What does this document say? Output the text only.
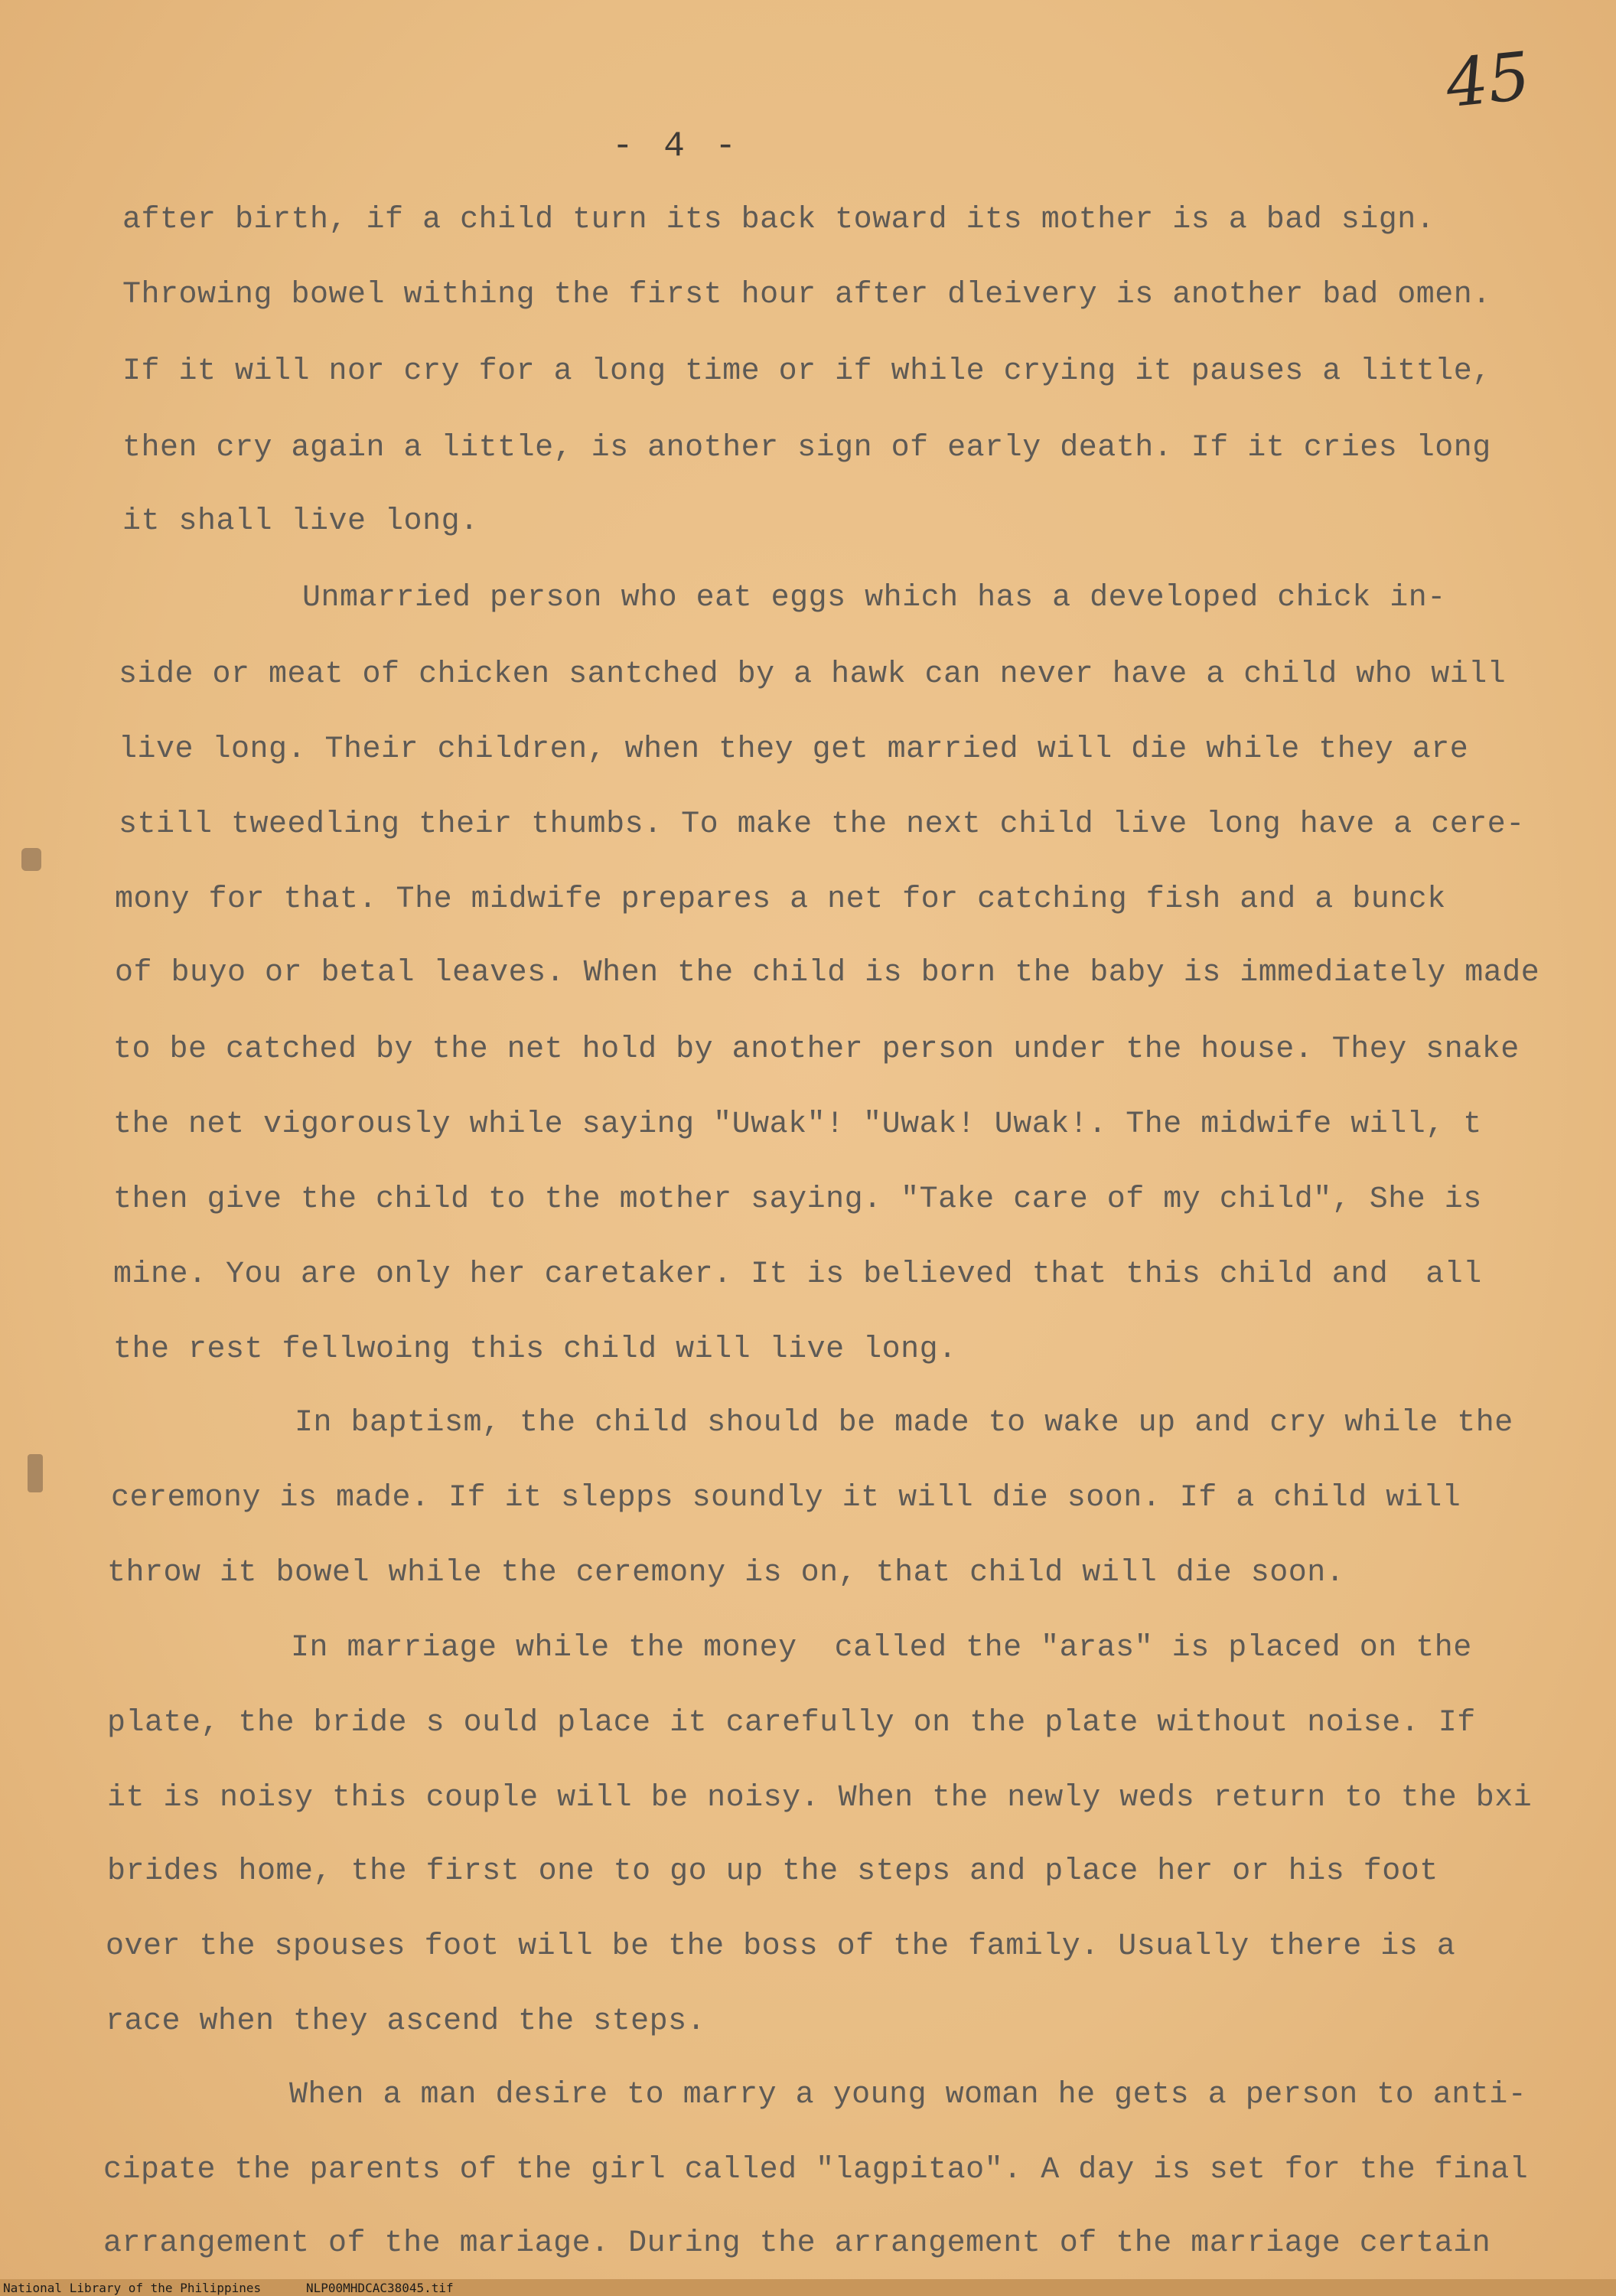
45
- 4 -
after birth, if a child turn its back toward its mother is a bad sign.
Throwing bowel withing the first hour after dleivery is another bad omen.
If it will nor cry for a long time or if while crying it pauses a little,
then cry again a little, is another sign of early death. If it cries long
it shall live long.
Unmarried person who eat eggs which has a developed chick in-
side or meat of chicken santched by a hawk can never have a child who will
live long. Their children, when they get married will die while they are
still tweedling their thumbs. To make the next child live long have a cere-
mony for that. The midwife prepares a net for catching fish and a bunck
of buyo or betal leaves. When the child is born the baby is immediately made
to be catched by the net hold by another person under the house. They snake
the net vigorously while saying "Uwak"! "Uwak! Uwak!. The midwife will, t
then give the child to the mother saying. "Take care of my child", She is
mine. You are only her caretaker. It is believed that this child and  all
the rest fellwoing this child will live long.
In baptism, the child should be made to wake up and cry while the
ceremony is made. If it slepps soundly it will die soon. If a child will
throw it bowel while the ceremony is on, that child will die soon.
In marriage while the money  called the "aras" is placed on the
plate, the bride s ould place it carefully on the plate without noise. If
it is noisy this couple will be noisy. When the newly weds return to the bxi
brides home, the first one to go up the steps and place her or his foot
over the spouses foot will be the boss of the family. Usually there is a
race when they ascend the steps.
When a man desire to marry a young woman he gets a person to anti-
cipate the parents of the girl called "lagpitao". A day is set for the final
arrangement of the mariage. During the arrangement of the marriage certain
National Library of the Philippines	NLP00MHDCAC38045.tif
